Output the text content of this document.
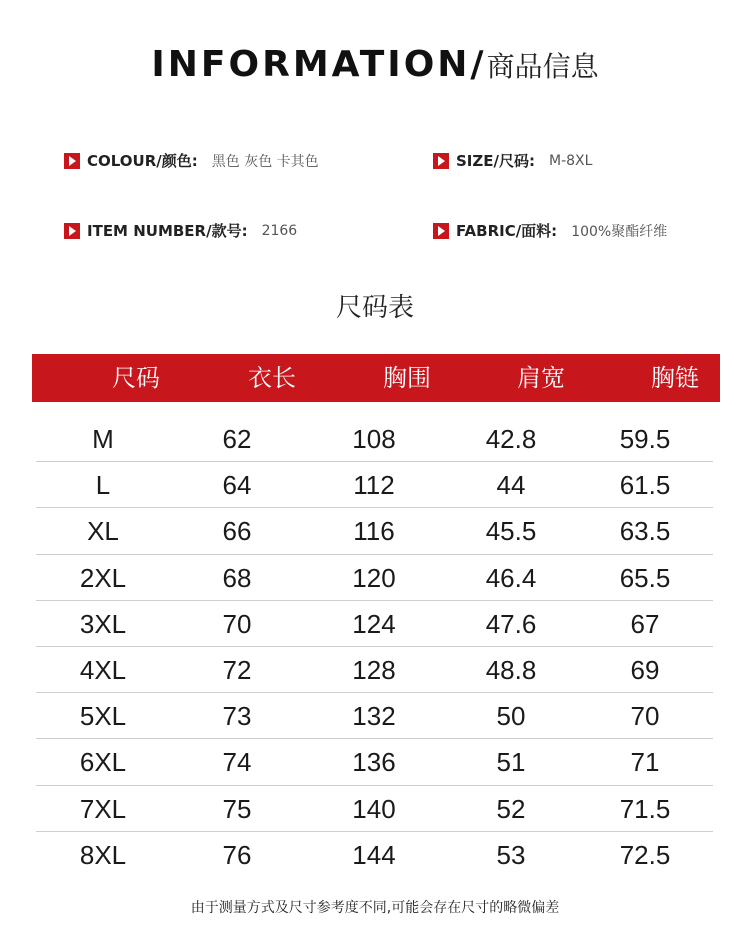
INFORMATION/商品信息
COLOUR/颜色: 黑色 灰色 卡其色	SIZE/尺码: M-8XL
ITEM NUMBER/款号: 2166	FABRIC/面料: 100%聚酯纤维
尺码表
尺码	衣长	胸围	肩宽	胸链
M	62	108	42.8	59.5
L	64	112	44	61.5
XL	66	116	45.5	63.5
2XL	68	120	46.4	65.5
3XL	70	124	47.6	67
4XL	72	128	48.8	69
5XL	73	132	50	70
6XL	74	136	51	71
7XL	75	140	52	71.5
8XL	76	144	53	72.5
由于测量方式及尺寸参考度不同,可能会存在尺寸的略微偏差
